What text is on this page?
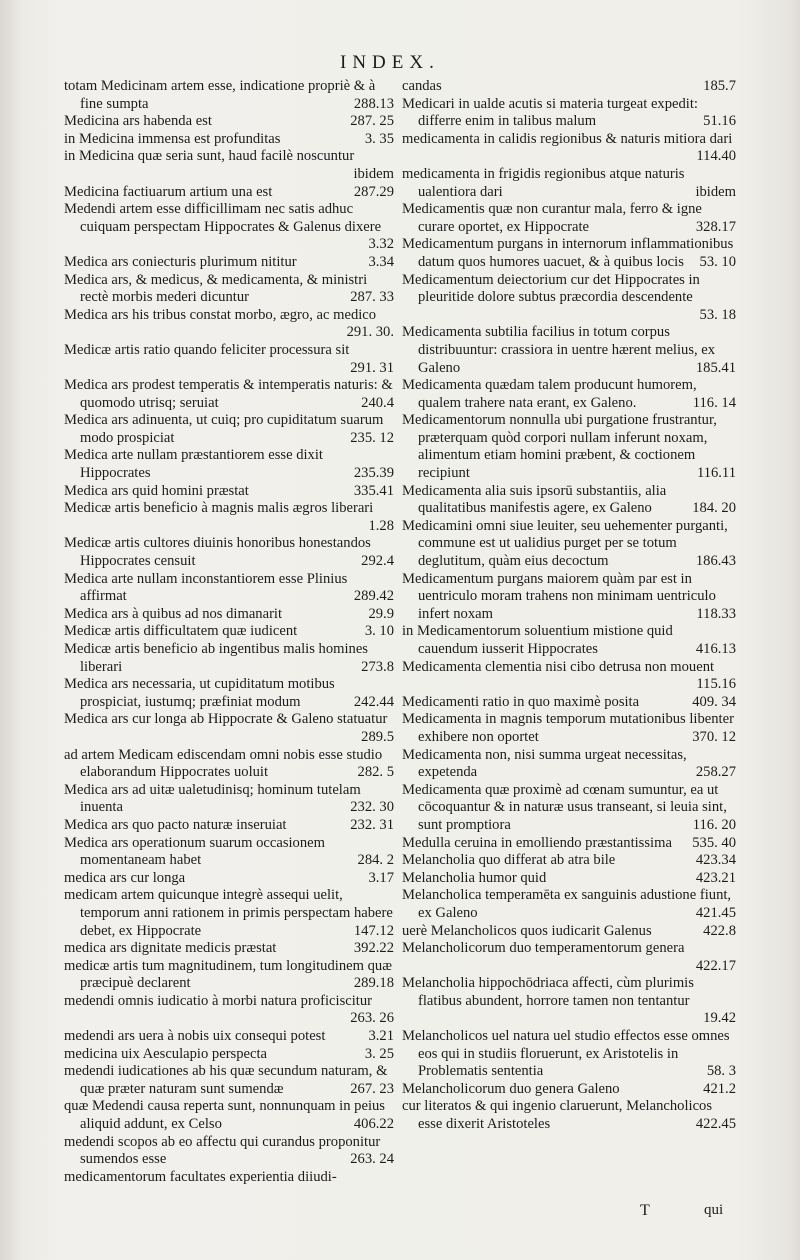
INDEX.

totam Medicinam artem esse, indicatione propriè & à fine sumpta	288.13

Medicina ars habenda est	287. 25

in Medicina immensa est profunditas	3. 35

in Medicina quæ seria sunt, haud facilè noscuntur
ibidem

Medicina factiuarum artium una est	287.29

Medendi artem esse difficillimam nec satis adhuc cuiquam perspectam Hippocrates & Galenus dixere
3.32

Medica ars coniecturis plurimum nititur	3.34

Medica ars, & medicus, & medicamenta, & ministri rectè morbis mederi dicuntur	287. 33

Medica ars his tribus constat morbo, ægro, ac medico
291. 30.

Medicæ artis ratio quando feliciter processura sit
291. 31

Medica ars prodest temperatis & intemperatis naturis: & quomodo utrisq; seruiat	240.4

Medica ars adinuenta, ut cuiq; pro cupiditatum suarum modo prospiciat	235. 12

Medica arte nullam præstantiorem esse dixit Hippocrates	235.39

Medica ars quid homini præstat	335.41

Medicæ artis beneficio à magnis malis ægros liberari
1.28

Medicæ artis cultores diuinis honoribus honestandos Hippocrates censuit	292.4

Medica arte nullam inconstantiorem esse Plinius affirmat	289.42

Medica ars à quibus ad nos dimanarit	29.9

Medicæ artis difficultatem quæ iudicent	3. 10

Medicæ artis beneficio ab ingentibus malis homines liberari	273.8

Medica ars necessaria, ut cupiditatum motibus prospiciat, iustumq; præfiniat modum	242.44

Medica ars cur longa ab Hippocrate & Galeno statuatur
289.5

ad artem Medicam ediscendam omni nobis esse studio elaborandum Hippocrates uoluit	282. 5

Medica ars ad uitæ ualetudinisq; hominum tutelam inuenta	232. 30

Medica ars quo pacto naturæ inseruiat	232. 31

Medica ars operationum suarum occasionem momentaneam habet	284. 2

medica ars cur longa	3.17

medicam artem quicunque integrè assequi uelit, temporum anni rationem in primis perspectam habere debet, ex Hippocrate	147.12

medica ars dignitate medicis præstat	392.22

medicæ artis tum magnitudinem, tum longitudinem quæ præcipuè declarent	289.18

medendi omnis iudicatio à morbi natura proficiscitur
263. 26

medendi ars uera à nobis uix consequi potest	3.21

medicina uix Aesculapio perspecta	3. 25

medendi iudicationes ab his quæ secundum naturam, & quæ præter naturam sunt sumendæ	267. 23

quæ Medendi causa reperta sunt, nonnunquam in peius aliquid addunt, ex Celso	406.22

medendi scopos ab eo affectu qui curandus proponitur sumendos esse	263. 24

medicamentorum facultates experientia diiudi-

candas	185.7

Medicari in ualde acutis si materia turgeat expedit: differre enim in talibus malum	51.16

medicamenta in calidis regionibus & naturis mitiora dari
114.40

medicamenta in frigidis regionibus atque naturis ualentiora dari	ibidem

Medicamentis quæ non curantur mala, ferro & igne curare oportet, ex Hippocrate	328.17

Medicamentum purgans in internorum inflammationibus datum quos humores uacuet, & à quibus locis	53. 10

Medicamentum deiectorium cur det Hippocrates in pleuritide dolore subtus præcordia descendente
53. 18

Medicamenta subtilia facilius in totum corpus distribuuntur: crassiora in uentre hærent melius, ex Galeno	185.41

Medicamenta quædam talem producunt humorem, qualem trahere nata erant, ex Galeno.	116. 14

Medicamentorum nonnulla ubi purgatione frustrantur, præterquam quòd corpori nullam inferunt noxam, alimentum etiam homini præbent, & coctionem recipiunt	116.11

Medicamenta alia suis ipsorū substantiis, alia qualitatibus manifestis agere, ex Galeno	184. 20

Medicamini omni siue leuiter, seu uehementer purganti, commune est ut ualidius purget per se totum deglutitum, quàm eius decoctum	186.43

Medicamentum purgans maiorem quàm par est in uentriculo moram trahens non minimam uentriculo infert noxam	118.33

in Medicamentorum soluentium mistione quid cauendum iusserit Hippocrates	416.13

Medicamenta clementia nisi cibo detrusa non mouent
115.16

Medicamenti ratio in quo maximè posita	409. 34

Medicamenta in magnis temporum mutationibus libenter exhibere non oportet	370. 12

Medicamenta non, nisi summa urgeat necessitas, expetenda	258.27

Medicamenta quæ proximè ad cœnam sumuntur, ea ut cōcoquantur & in naturæ usus transeant, si leuia sint, sunt promptiora	116. 20

Medulla ceruina in emolliendo præstantissima	535. 40

Melancholia quo differat ab atra bile	423.34

Melancholia humor quid	423.21

Melancholica temperamēta ex sanguinis adustione fiunt, ex Galeno	421.45

uerè Melancholicos quos iudicarit Galenus	422.8

Melancholicorum duo temperamentorum genera
422.17

Melancholia hippochōdriaca affecti, cùm plurimis flatibus abundent, horrore tamen non tentantur
19.42

Melancholicos uel natura uel studio effectos esse omnes eos qui in studiis floruerunt, ex Aristotelis in Problematis sententia	58. 3

Melancholicorum duo genera Galeno	421.2

cur literatos & qui ingenio claruerunt, Melancholicos esse dixerit Aristoteles	422.45

T	qui
